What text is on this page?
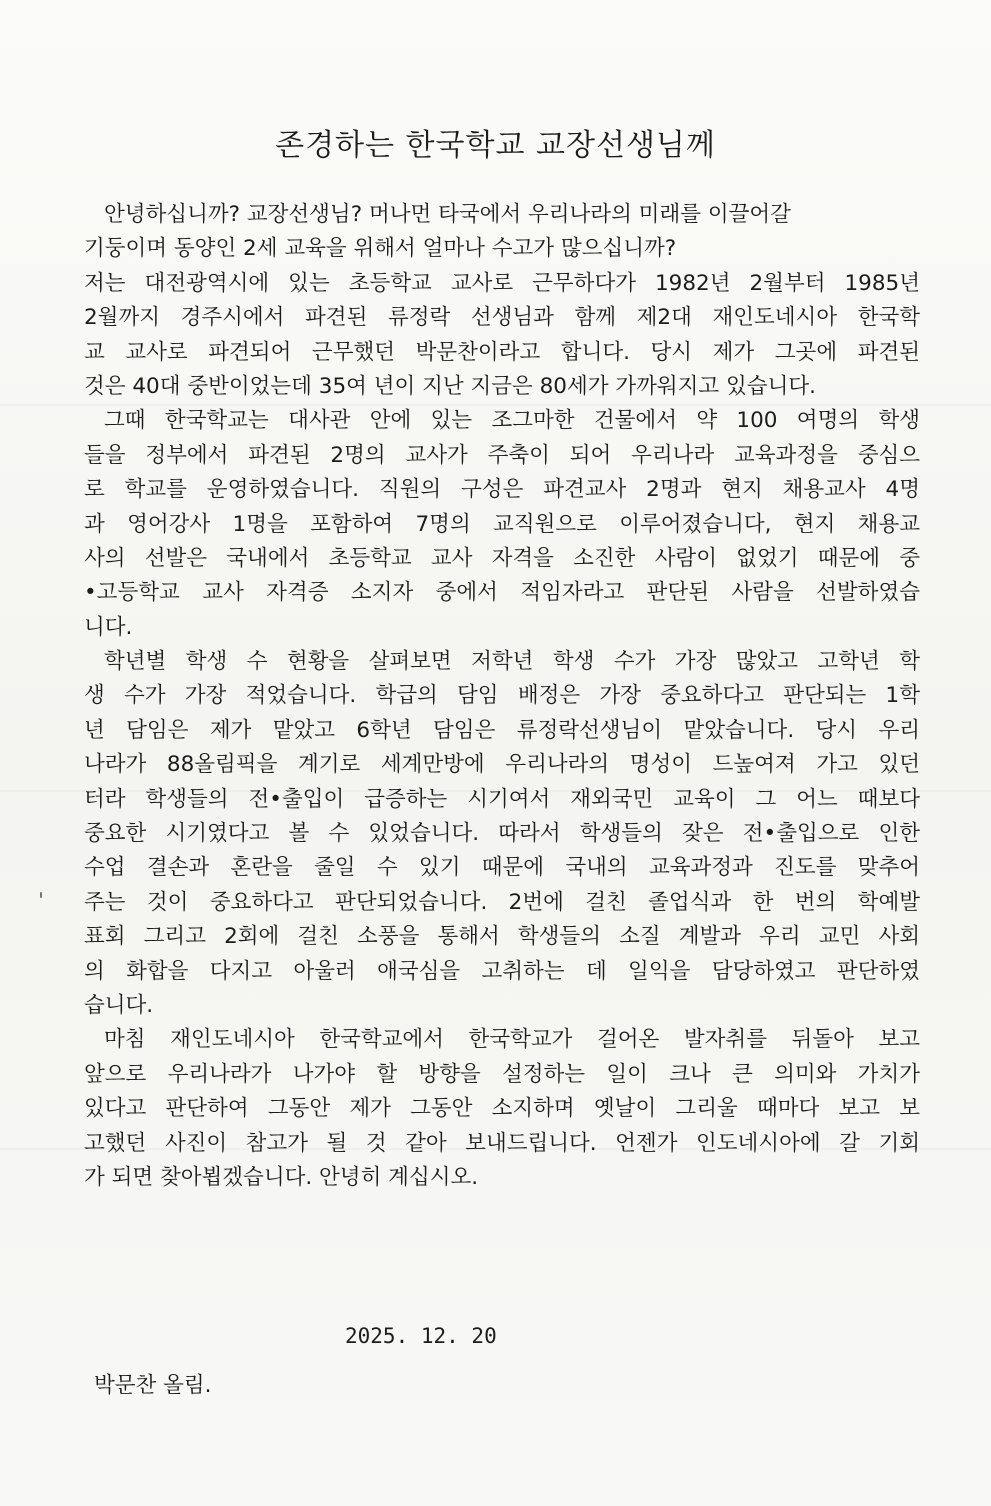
존경하는 한국학교 교장선생님께
안녕하십니까? 교장선생님? 머나먼 타국에서 우리나라의 미래를 이끌어갈
기둥이며 동양인 2세 교육을 위해서 얼마나 수고가 많으십니까?
저는 대전광역시에 있는 초등학교 교사로 근무하다가 1982년 2월부터 1985년
2월까지 경주시에서 파견된 류정락 선생님과 함께 제2대 재인도네시아 한국학
교 교사로 파견되어 근무했던 박문찬이라고 합니다. 당시 제가 그곳에 파견된
것은 40대 중반이었는데 35여 년이 지난 지금은 80세가 가까워지고 있습니다.
그때 한국학교는 대사관 안에 있는 조그마한 건물에서 약 100 여명의 학생
들을 정부에서 파견된 2명의 교사가 주축이 되어 우리나라 교육과정을 중심으
로 학교를 운영하였습니다. 직원의 구성은 파견교사 2명과 현지 채용교사 4명
과 영어강사 1명을 포함하여 7명의 교직원으로 이루어졌습니다, 현지 채용교
사의 선발은 국내에서 초등학교 교사 자격을 소진한 사람이 없었기 때문에 중
•고등학교 교사 자격증 소지자 중에서 적임자라고 판단된 사람을 선발하였습
니다.
학년별 학생 수 현황을 살펴보면 저학년 학생 수가 가장 많았고 고학년 학
생 수가 가장 적었습니다. 학급의 담임 배정은 가장 중요하다고 판단되는 1학
년 담임은 제가 맡았고 6학년 담임은 류정락선생님이 맡았습니다. 당시 우리
나라가 88올림픽을 계기로 세계만방에 우리나라의 명성이 드높여져 가고 있던
터라 학생들의 전•출입이 급증하는 시기여서 재외국민 교육이 그 어느 때보다
중요한 시기였다고 볼 수 있었습니다. 따라서 학생들의 잦은 전•출입으로 인한
수업 결손과 혼란을 줄일 수 있기 때문에 국내의 교육과정과 진도를 맞추어
주는 것이 중요하다고 판단되었습니다. 2번에 걸친 졸업식과 한 번의 학예발
표회 그리고 2회에 걸친 소풍을 통해서 학생들의 소질 계발과 우리 교민 사회
의 화합을 다지고 아울러 애국심을 고취하는 데 일익을 담당하였고 판단하였
습니다.
마침 재인도네시아 한국학교에서 한국학교가 걸어온 발자취를 뒤돌아 보고
앞으로 우리나라가 나가야 할 방향을 설정하는 일이 크나 큰 의미와 가치가
있다고 판단하여 그동안 제가 그동안 소지하며 옛날이 그리울 때마다 보고 보
고했던 사진이 참고가 될 것 같아 보내드립니다. 언젠가 인도네시아에 갈 기회
가 되면 찾아뵙겠습니다. 안녕히 계십시오.
2025. 12. 20
박문찬 올림.
